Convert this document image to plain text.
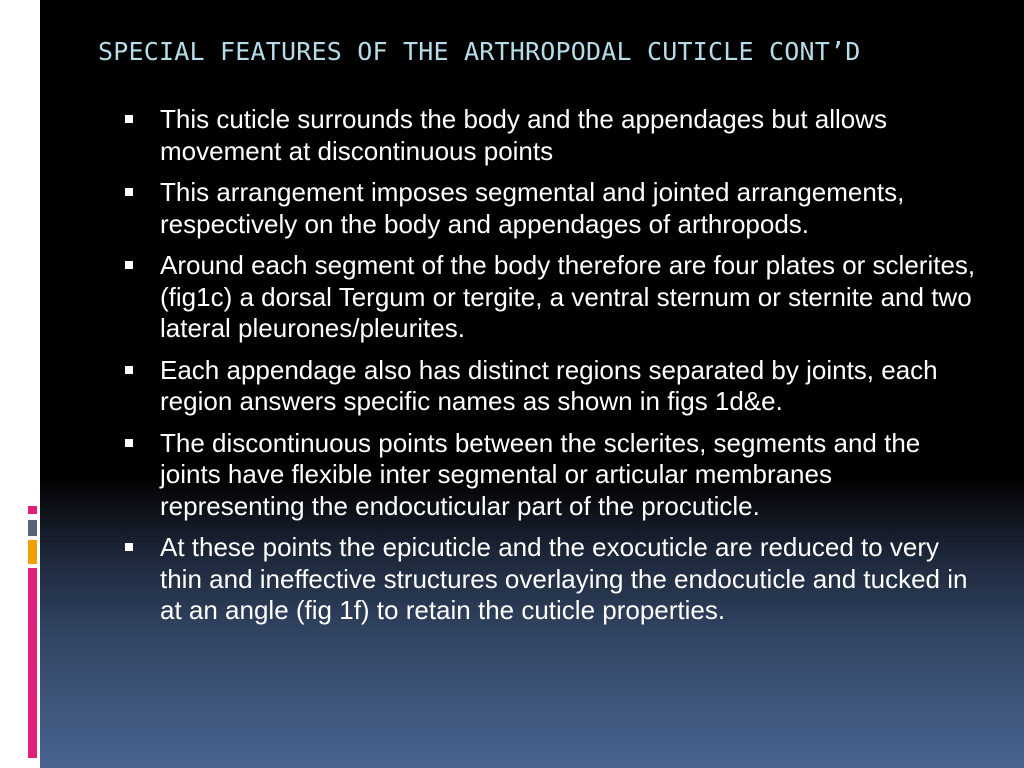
SPECIAL FEATURES OF THE ARTHROPODAL CUTICLE CONT’D
This cuticle surrounds the body and the appendages but allows movement at discontinuous points
This arrangement imposes segmental and jointed arrangements, respectively on the body and appendages of arthropods.
Around each segment of the body therefore are four plates or sclerites, (fig1c) a dorsal Tergum or tergite, a ventral sternum or sternite and two lateral pleurones/pleurites.
Each appendage also has distinct regions separated by joints, each region answers specific names as shown in figs 1d&e.
The discontinuous points between the sclerites, segments and the joints have flexible inter segmental or articular membranes representing the endocuticular part of the procuticle.
At these points the epicuticle and the exocuticle are reduced to very thin and ineffective structures overlaying the endocuticle and tucked in at an angle (fig 1f) to retain the cuticle properties.
